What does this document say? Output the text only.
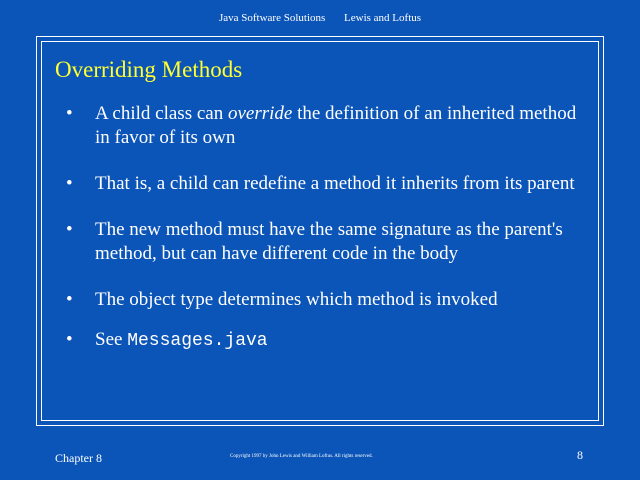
Java Software Solutions Lewis and Loftus
Overriding Methods
• A child class can override the definition of an inherited method in favor of its own
• That is, a child can redefine a method it inherits from its parent
• The new method must have the same signature as the parent's method, but can have different code in the body
• The object type determines which method is invoked
• See Messages.java
Chapter 8	Copyright 1997 by John Lewis and William Loftus. All rights reserved.	8
